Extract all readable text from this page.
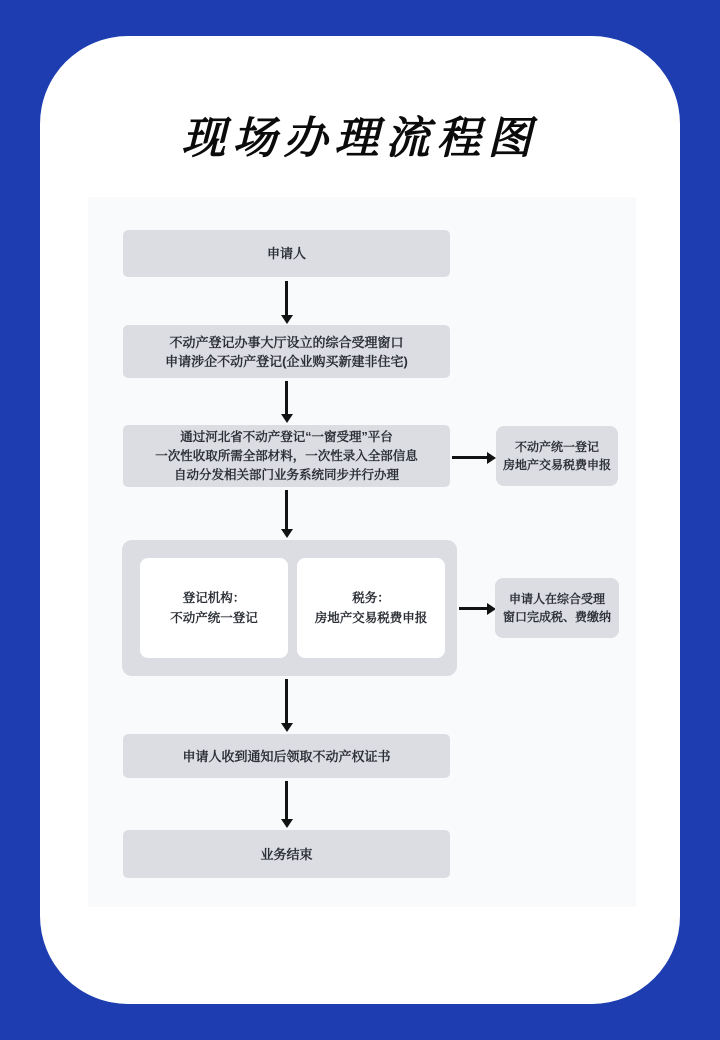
现场办理流程图
申请人
不动产登记办事大厅设立的综合受理窗口
申请涉企不动产登记(企业购买新建非住宅)
通过河北省不动产登记“一窗受理”平台
一次性收取所需全部材料，一次性录入全部信息
自动分发相关部门业务系统同步并行办理
不动产统一登记
房地产交易税费申报
登记机构：
不动产统一登记
税务：
房地产交易税费申报
申请人在综合受理
窗口完成税、费缴纳
申请人收到通知后领取不动产权证书
业务结束
